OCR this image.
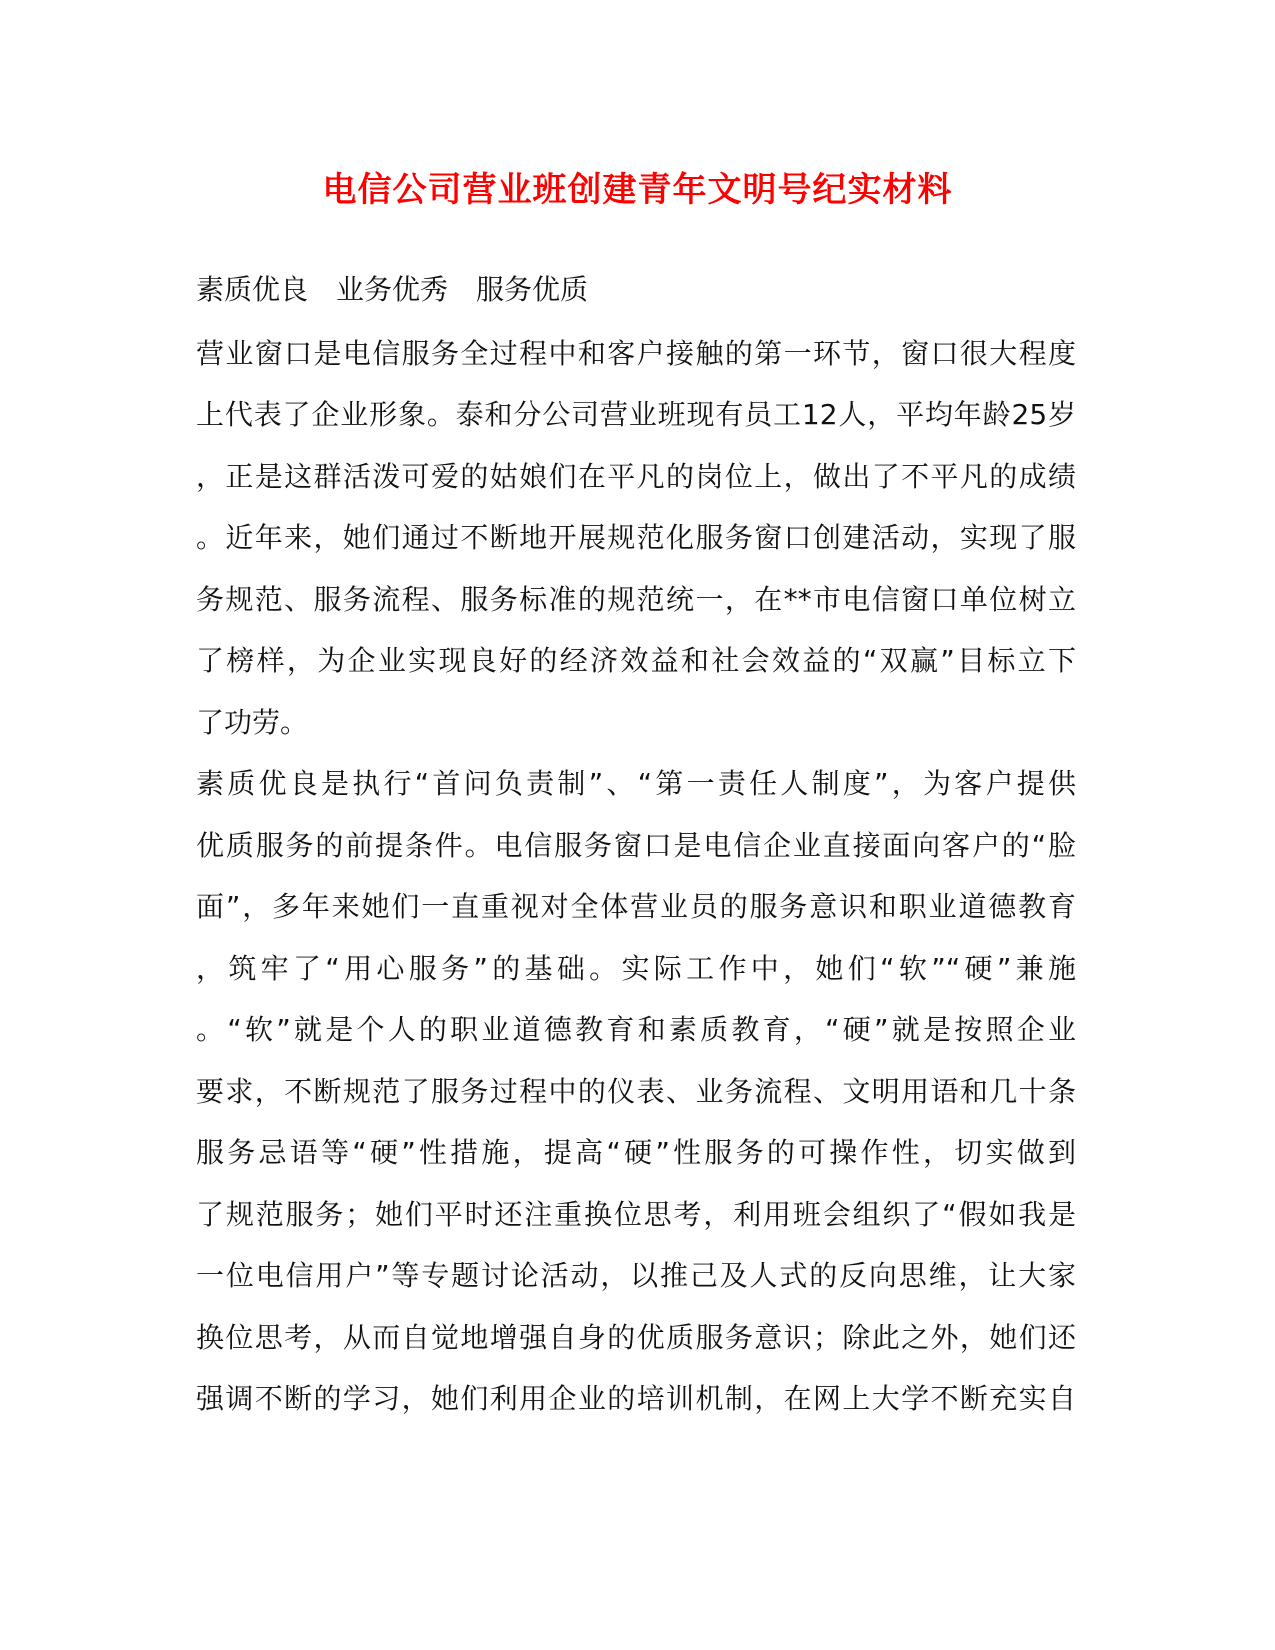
电信公司营业班创建青年文明号纪实材料
素质优良　业务优秀　服务优质
营业窗口是电信服务全过程中和客户接触的第一环节，窗口很大程度
上代表了企业形象。泰和分公司营业班现有员工12人，平均年龄25岁
，正是这群活泼可爱的姑娘们在平凡的岗位上，做出了不平凡的成绩
。近年来，她们通过不断地开展规范化服务窗口创建活动，实现了服
务规范、服务流程、服务标准的规范统一，在**市电信窗口单位树立
了榜样，为企业实现良好的经济效益和社会效益的“双赢”目标立下
了功劳。
素质优良是执行“首问负责制”、“第一责任人制度”，为客户提供
优质服务的前提条件。电信服务窗口是电信企业直接面向客户的“脸
面”，多年来她们一直重视对全体营业员的服务意识和职业道德教育
，筑牢了“用心服务”的基础。实际工作中，她们“软”“硬”兼施
。“软”就是个人的职业道德教育和素质教育，“硬”就是按照企业
要求，不断规范了服务过程中的仪表、业务流程、文明用语和几十条
服务忌语等“硬”性措施，提高“硬”性服务的可操作性，切实做到
了规范服务；她们平时还注重换位思考，利用班会组织了“假如我是
一位电信用户”等专题讨论活动，以推己及人式的反向思维，让大家
换位思考，从而自觉地增强自身的优质服务意识；除此之外，她们还
强调不断的学习，她们利用企业的培训机制，在网上大学不断充实自
